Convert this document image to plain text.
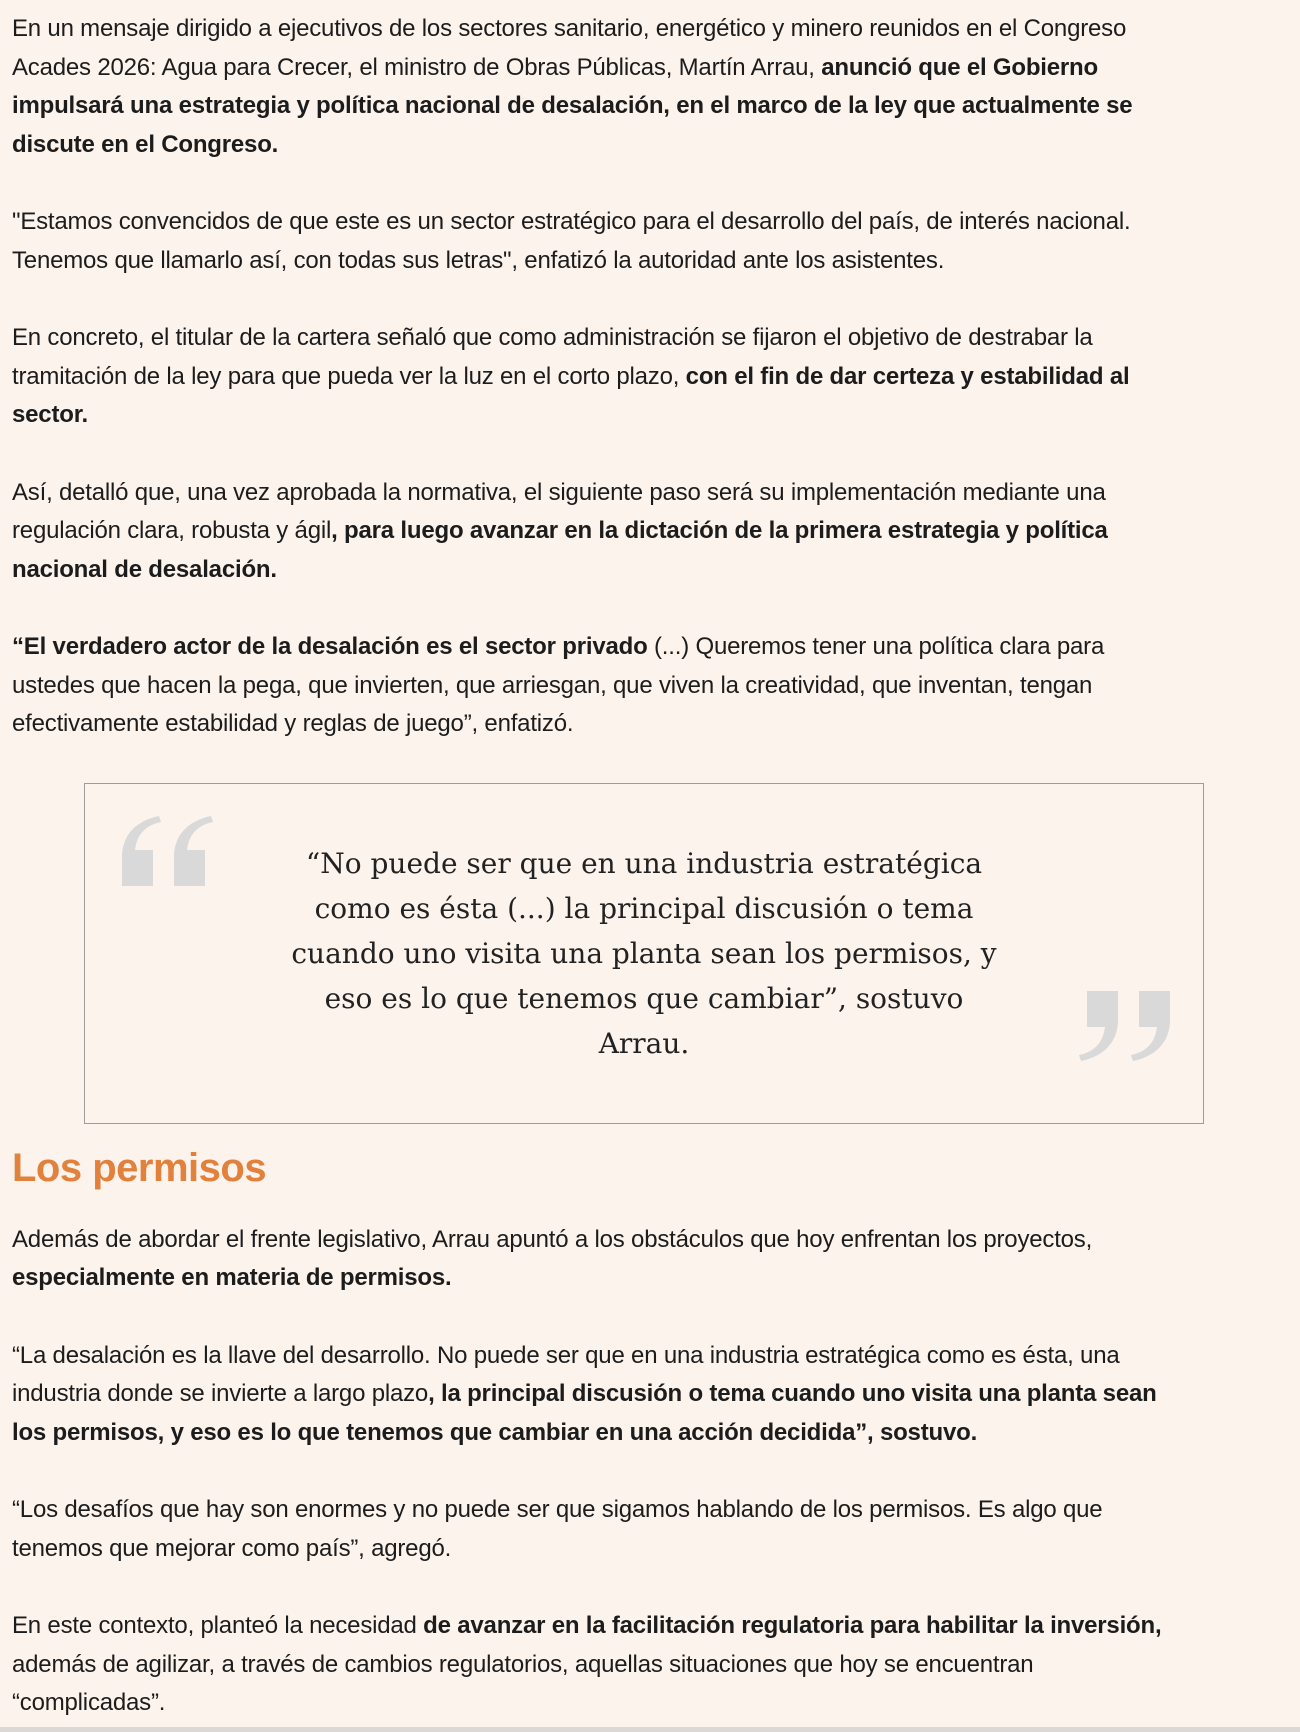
En un mensaje dirigido a ejecutivos de los sectores sanitario, energético y minero reunidos en el Congreso Acades 2026: Agua para Crecer, el ministro de Obras Públicas, Martín Arrau, anunció que el Gobierno impulsará una estrategia y política nacional de desalación, en el marco de la ley que actualmente se discute en el Congreso.

"Estamos convencidos de que este es un sector estratégico para el desarrollo del país, de interés nacional. Tenemos que llamarlo así, con todas sus letras", enfatizó la autoridad ante los asistentes.

En concreto, el titular de la cartera señaló que como administración se fijaron el objetivo de destrabar la tramitación de la ley para que pueda ver la luz en el corto plazo, con el fin de dar certeza y estabilidad al sector.

Así, detalló que, una vez aprobada la normativa, el siguiente paso será su implementación mediante una regulación clara, robusta y ágil, para luego avanzar en la dictación de la primera estrategia y política nacional de desalación.

“El verdadero actor de la desalación es el sector privado (...) Queremos tener una política clara para ustedes que hacen la pega, que invierten, que arriesgan, que viven la creatividad, que inventan, tengan efectivamente estabilidad y reglas de juego”, enfatizó.

“No puede ser que en una industria estratégica como es ésta (...) la principal discusión o tema cuando uno visita una planta sean los permisos, y eso es lo que tenemos que cambiar”, sostuvo Arrau.
Los permisos

Además de abordar el frente legislativo, Arrau apuntó a los obstáculos que hoy enfrentan los proyectos, especialmente en materia de permisos.

“La desalación es la llave del desarrollo. No puede ser que en una industria estratégica como es ésta, una industria donde se invierte a largo plazo, la principal discusión o tema cuando uno visita una planta sean los permisos, y eso es lo que tenemos que cambiar en una acción decidida”, sostuvo.

“Los desafíos que hay son enormes y no puede ser que sigamos hablando de los permisos. Es algo que tenemos que mejorar como país”, agregó.

En este contexto, planteó la necesidad de avanzar en la facilitación regulatoria para habilitar la inversión, además de agilizar, a través de cambios regulatorios, aquellas situaciones que hoy se encuentran “complicadas”.
